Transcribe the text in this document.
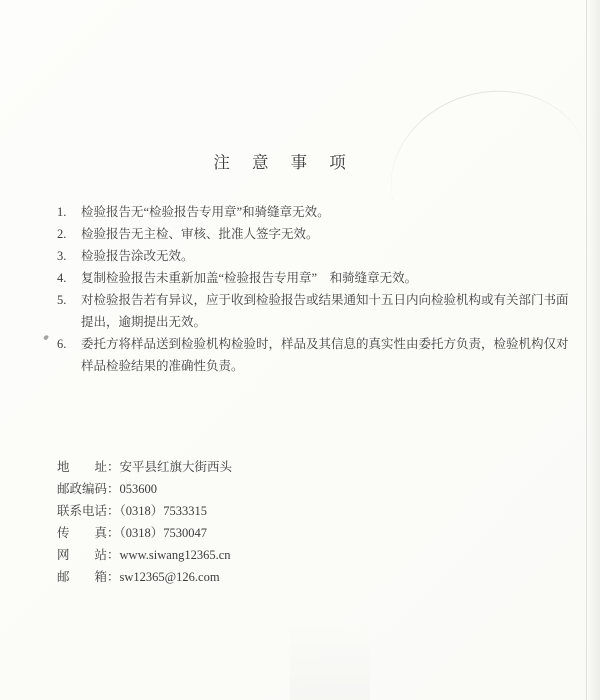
注 意 事 项
1.	检验报告无“检验报告专用章”和骑缝章无效。
2.	检验报告无主检、审核、批准人签字无效。
3.	检验报告涂改无效。
4.	复制检验报告未重新加盖“检验报告专用章”　和骑缝章无效。
5.	对检验报告若有异议，应于收到检验报告或结果通知十五日内向检验机构或有关部门书面提出，逾期提出无效。
6.	委托方将样品送到检验机构检验时，样品及其信息的真实性由委托方负责，检验机构仅对样品检验结果的准确性负责。
地　　址：安平县红旗大街西头
邮政编码：053600
联系电话：（0318）7533315
传　　真：（0318）7530047
网　　站：www.siwang12365.cn
邮　　箱：sw12365@126.com
